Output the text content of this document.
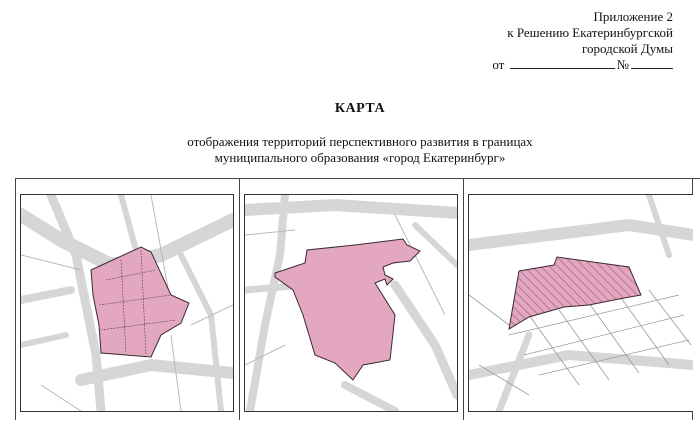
Приложение 2
к Решению Екатеринбургской
городской Думы
от	№
КАРТА
отображения территорий перспективного развития в границах
муниципального образования «город Екатеринбург»
